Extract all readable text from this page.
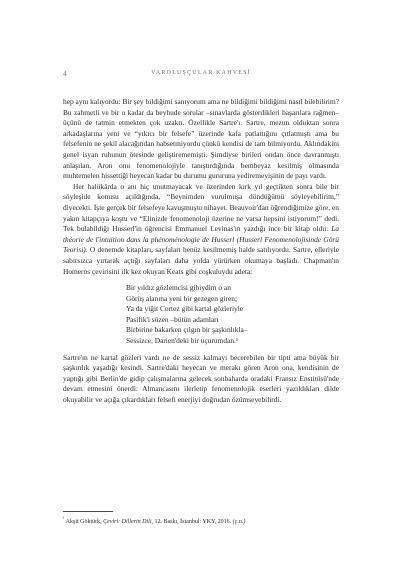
4	VAROLUŞÇULAR KAHVESİ

hep aynı kalıyordu: Bir şey bildiğimi sanıyorum ama ne bildiğimi bildiğimi nasıl bilebilirim? Bu zahmetli ve bir o kadar da beyhude sorular –sınavlarda gösterdikleri başarılara rağmen– üçünü de tatmin etmekten çok uzaktı. Özellikle Sartre'ı. Sartre, mezun olduktan sonra arkadaşlarına yeni ve “yıkıcı bir felsefe” üzerinde kafa patlattığını çıtlatmıştı ama bu felsefenin ne şekil alacağından habsetmiyordu çünkü kendisi de tam bilmiyordu. Aklındakini genel isyan ruhunun ötesinde geliştirememişti. Şimdiyse birileri ondan önce davranmıştı anlaşılan. Aron onu fenomenolojiyle tanıştırdığında bembeyaz kesilmiş olmasında muhtemelen hissettiği heyecan kadar bu durumu gururuna yediremeyişinin de payı vardı.

Her halükârda o anı hiç unutmayacak ve üzerinden kırk yıl geçtikten sonra bile bir söyleşide konusu açıldığında, “Beynimden vurulmuşa döndüğümü söyleyebilirim,” diyecekti. İşte gerçek bir felsefeye kavuşmuştu nihayet. Beauvoir'dan öğrendiğimize göre, en yakın kitapçıya koştu ve “Elinizde fenomenoloji üzerine ne varsa hepsini istiyorum!” dedi. Tek bulabildiği Husserl'in öğrencisi Emmanuel Levinas'ın yazdığı ince bir kitap oldu: La théorie de l'intuition dans la phénoménologie de Husserl (Husserl Fenomenolojisinde Görü Teorisi). O denemde kitapları, sayfaları henüz kesilmemiş halde satılıyordu. Sartre, elleriyle sabırsızca yırtarak açtığı sayfaları daha yolda yürürken okumaya başladı. Chapman'ın Homeros çevirisini ilk kez okuyan Keats gibi coşkuluydu adeta:

Bir yıldız gözlemcisi gibiydim o an
Görüş alanına yeni bir gezegen giren;
Ya da yiğit Cortez gibi kartal gözleriyle
Pasifik'i süzen –bütün adamları
Birbirine bakarken çılgın bir şaşkınlıkla–
Sessizce, Darien'deki bir uçurumdan.¹

Sartre'ın ne kartal gözleri vardı ne de sessiz kalmayı becerebilen bir tipti ama büyük bir şaşkınlık yaşadığı kesindi. Sartre'daki heyecan ve merakı gören Aron ona, kendisinin de yaptığı gibi Berlin'de gidip çalışmalarına gelecek sonbaharda oradaki Fransız Enstitüsü'nde devam etmesini önerdi: Almancasını ilerletip fenomenolojik eserleri yazıldıkları dilde okuyabilir ve açığa çıkardıkları felsefi enerjiyi doğrudan özümseyebilirdi.

$^{^1}$ Akşit Göktürk, Çeviri: Dillerin Dili, 12. Baskı, İstanbul: YKY, 2016. (ç.n.)
